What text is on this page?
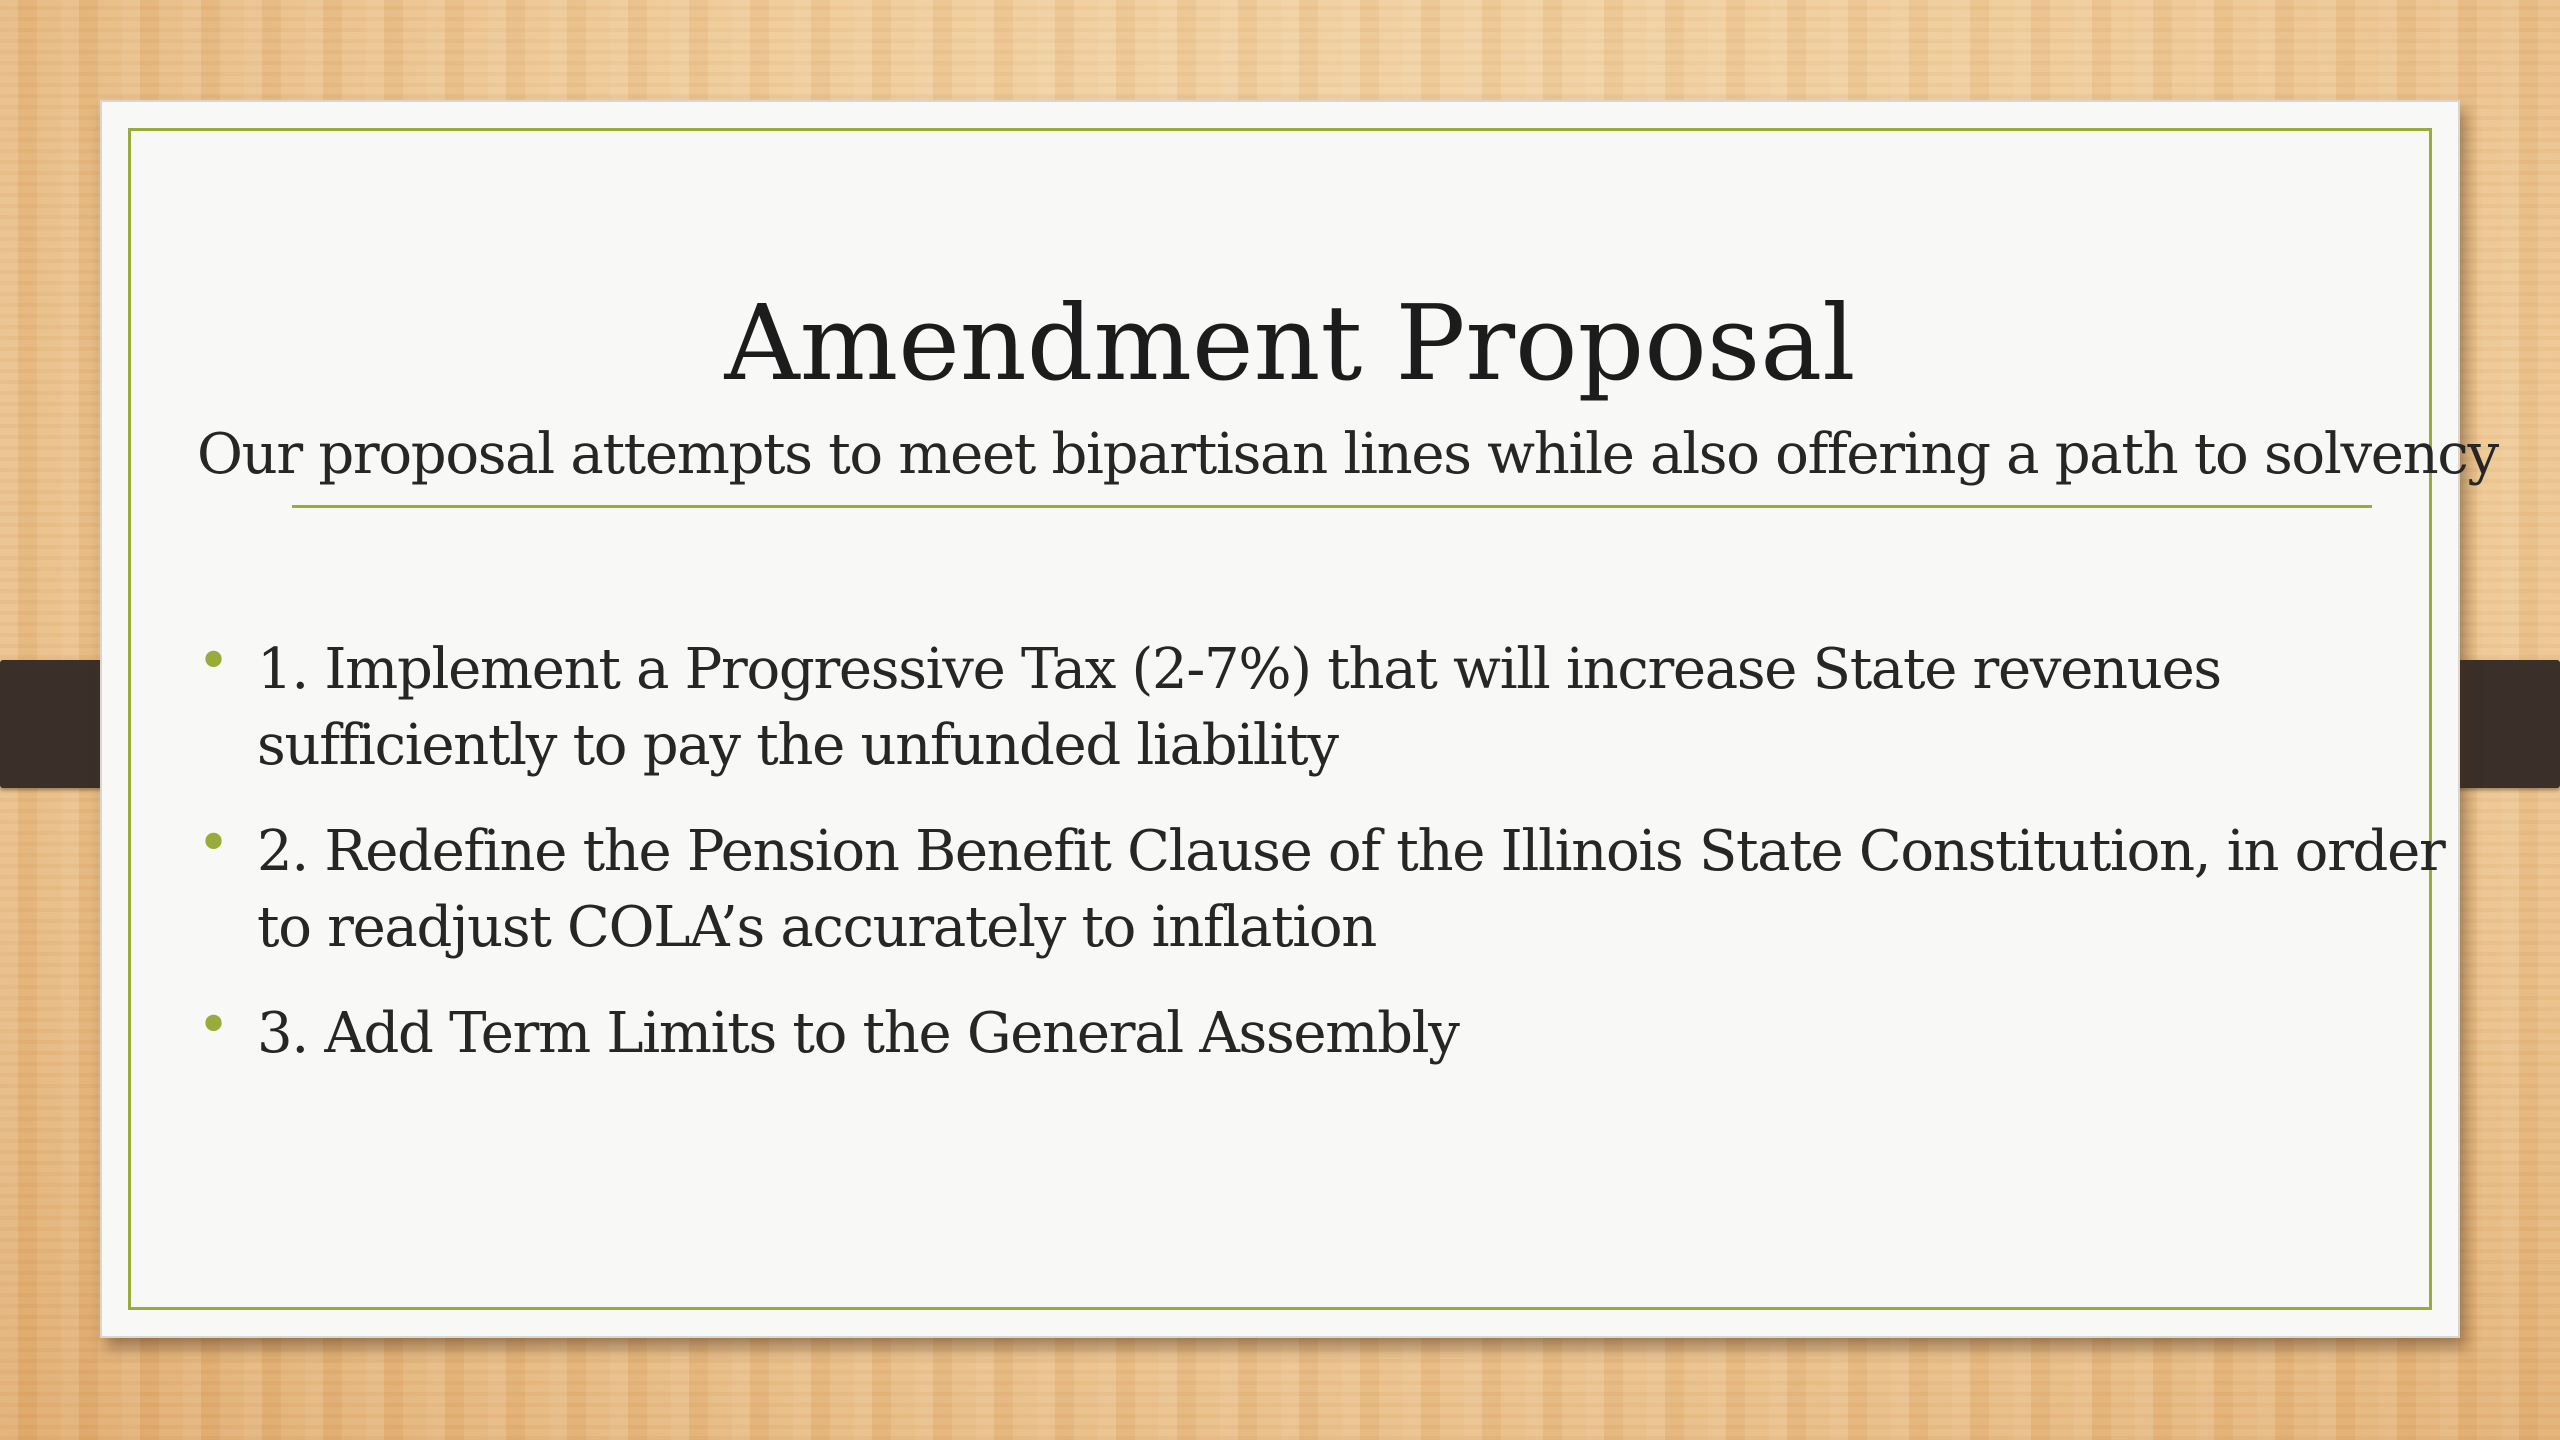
Amendment Proposal
Our proposal attempts to meet bipartisan lines while also offering a path to solvency
• 1. Implement a Progressive Tax (2-7%) that will increase State revenues sufficiently to pay the unfunded liability
• 2. Redefine the Pension Benefit Clause of the Illinois State Constitution, in order to readjust COLA’s accurately to inflation
• 3. Add Term Limits to the General Assembly
